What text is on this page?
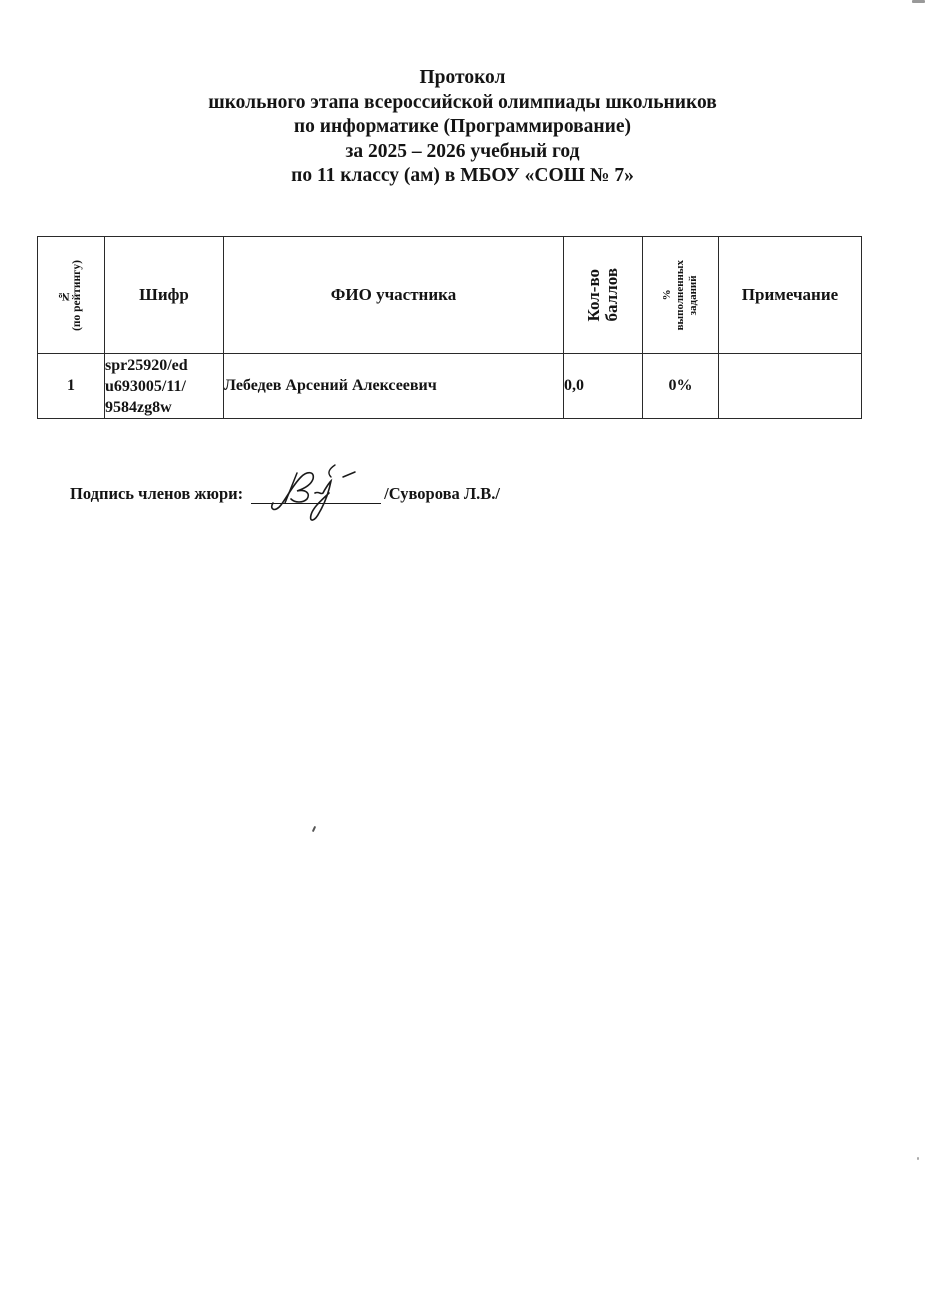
Протокол
школьного этапа всероссийской олимпиады школьников
по информатике (Программирование)
за 2025 – 2026 учебный год
по 11 классу (ам) в МБОУ «СОШ № 7»
№ (по рейтингу)	Шифр	ФИО участника	Кол-во баллов	% выполненных заданий	Примечание
1	spr25920/ed
u693005/11/
9584zg8w	Лебедев Арсений Алексеевич	0,0	0%	
Подпись членов жюри:	/Суворова Л.В./
